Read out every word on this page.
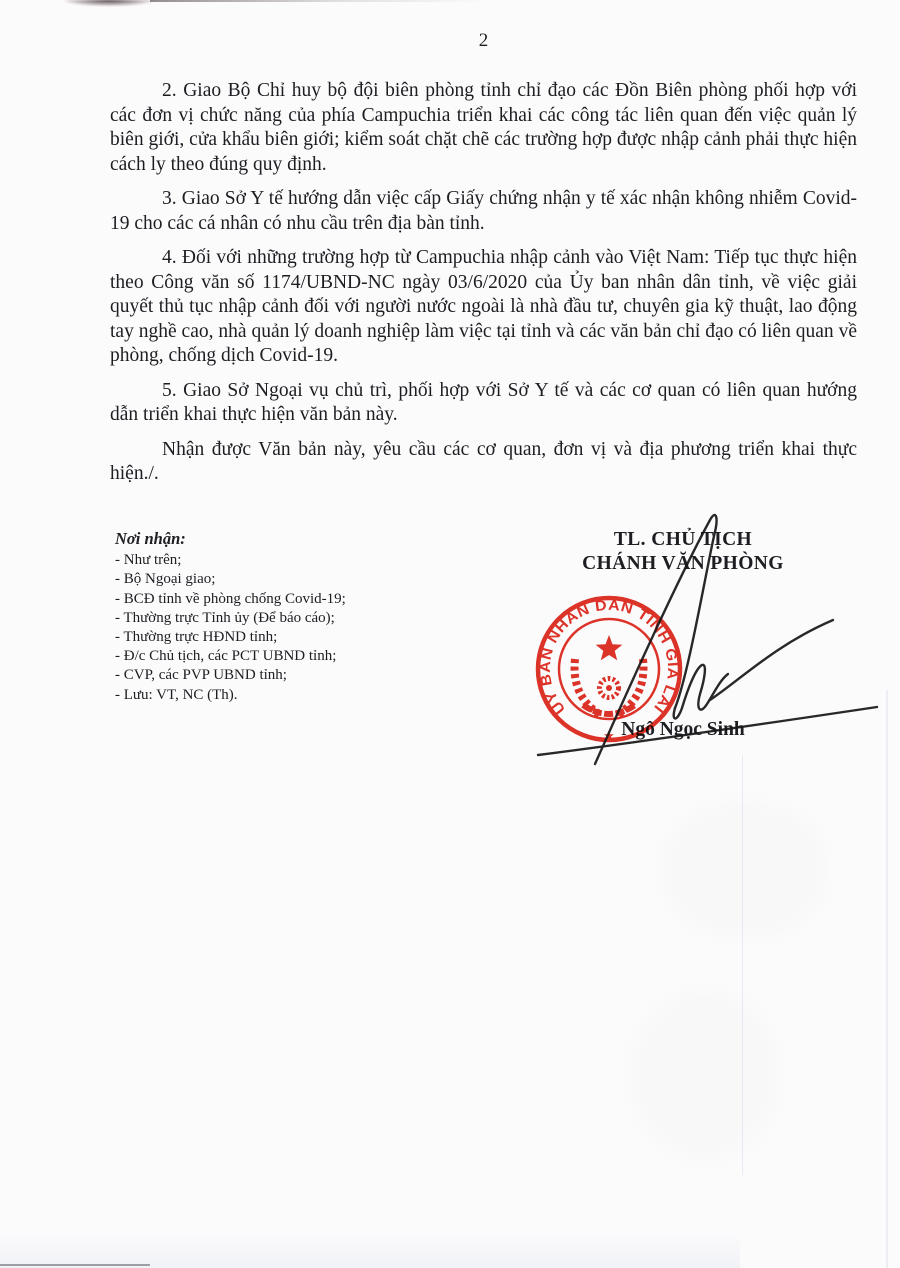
2

2. Giao Bộ Chỉ huy bộ đội biên phòng tỉnh chỉ đạo các Đồn Biên phòng phối hợp với các đơn vị chức năng của phía Campuchia triển khai các công tác liên quan đến việc quản lý biên giới, cửa khẩu biên giới; kiểm soát chặt chẽ các trường hợp được nhập cảnh phải thực hiện cách ly theo đúng quy định.

3. Giao Sở Y tế hướng dẫn việc cấp Giấy chứng nhận y tế xác nhận không nhiễm Covid-19 cho các cá nhân có nhu cầu trên địa bàn tỉnh.

4. Đối với những trường hợp từ Campuchia nhập cảnh vào Việt Nam: Tiếp tục thực hiện theo Công văn số 1174/UBND-NC ngày 03/6/2020 của Ủy ban nhân dân tỉnh, về việc giải quyết thủ tục nhập cảnh đối với người nước ngoài là nhà đầu tư, chuyên gia kỹ thuật, lao động tay nghề cao, nhà quản lý doanh nghiệp làm việc tại tỉnh và các văn bản chỉ đạo có liên quan về phòng, chống dịch Covid-19.

5. Giao Sở Ngoại vụ chủ trì, phối hợp với Sở Y tế và các cơ quan có liên quan hướng dẫn triển khai thực hiện văn bản này.

Nhận được Văn bản này, yêu cầu các cơ quan, đơn vị và địa phương triển khai thực hiện./.

Nơi nhận:
- Như trên;
- Bộ Ngoại giao;
- BCĐ tỉnh về phòng chống Covid-19;
- Thường trực Tỉnh ủy (Để báo cáo);
- Thường trực HĐND tỉnh;
- Đ/c Chủ tịch, các PCT UBND tỉnh;
- CVP, các PVP UBND tỉnh;
- Lưu: VT, NC (Th).
TL. CHỦ TỊCH
CHÁNH VĂN PHÒNG
Ngô Ngọc Sinh
ỦY BAN NHÂN DÂN TỈNH GIA LAI
★
